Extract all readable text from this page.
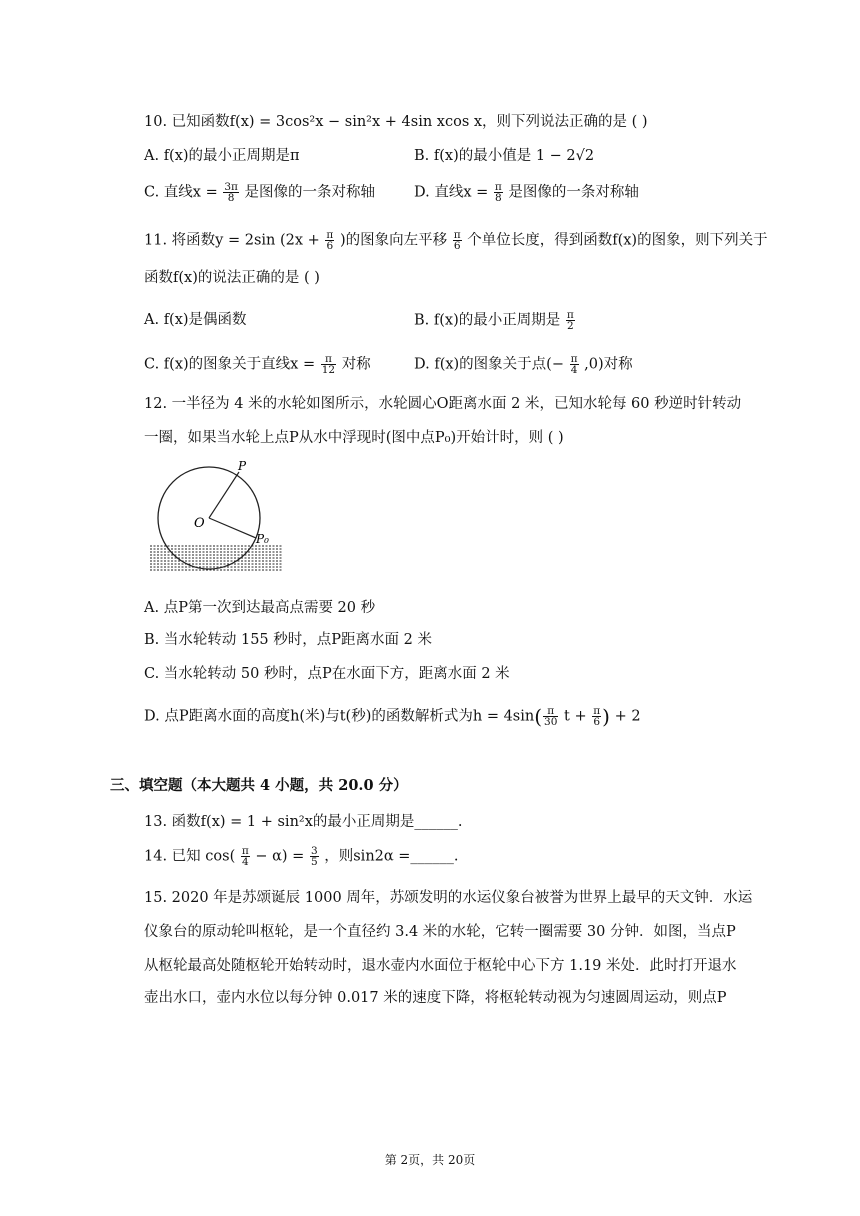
10. 已知函数f(x) = 3cos²x − sin²x + 4sin xcos x，则下列说法正确的是 ( )
A. f(x)的最小正周期是π	B. f(x)的最小值是 1 − 2√2
C. 直线$x = \frac{3\pi}{8}$ 是图像的一条对称轴	D. 直线$x = \frac{\pi}{8}$ 是图像的一条对称轴
11. 将函数y = 2sin ($2x + \frac{\pi}{6}$ )的图象向左平移 $\frac{\pi}{6}$ 个单位长度，得到函数f(x)的图象，则下列关于
函数f(x)的说法正确的是 ( )
A. f(x)是偶函数	B. f(x)的最小正周期是 $\frac{\pi}{2}$
C. f(x)的图象关于直线$x = \frac{\pi}{12}$ 对称	D. f(x)的图象关于点(− $\frac{\pi}{4} ,0$)对称
12. 一半径为 4 米的水轮如图所示，水轮圆心O距离水面 2 米，已知水轮每 60 秒逆时针转动
一圈，如果当水轮上点P从水中浮现时(图中点P₀)开始计时，则 ( )
P
O
P₀
A. 点P第一次到达最高点需要 20 秒
B. 当水轮转动 155 秒时，点P距离水面 2 米
C. 当水轮转动 50 秒时，点P在水面下方，距离水面 2 米
D. 点P距离水面的高度h(米)与t(秒)的函数解析式为$h = 4\sin( \frac{\pi}{30}$ $t + \frac{\pi}{6}$ ) + 2
三、填空题（本大题共 4 小题，共 20.0 分）
13. 函数f(x) = 1 + sin²x的最小正周期是______.
14. 已知 $\cos( \frac{\pi}{4} - \alpha) = \frac{3}{5}$ ，则sin2α =______.
15. 2020 年是苏颂诞辰 1000 周年，苏颂发明的水运仪象台被誉为世界上最早的天文钟．水运
仪象台的原动轮叫枢轮，是一个直径约 3.4 米的水轮，它转一圈需要 30 分钟．如图，当点P
从枢轮最高处随枢轮开始转动时，退水壶内水面位于枢轮中心下方 1.19 米处．此时打开退水
壶出水口，壶内水位以每分钟 0.017 米的速度下降，将枢轮转动视为匀速圆周运动，则点P
第 2页，共 20页
